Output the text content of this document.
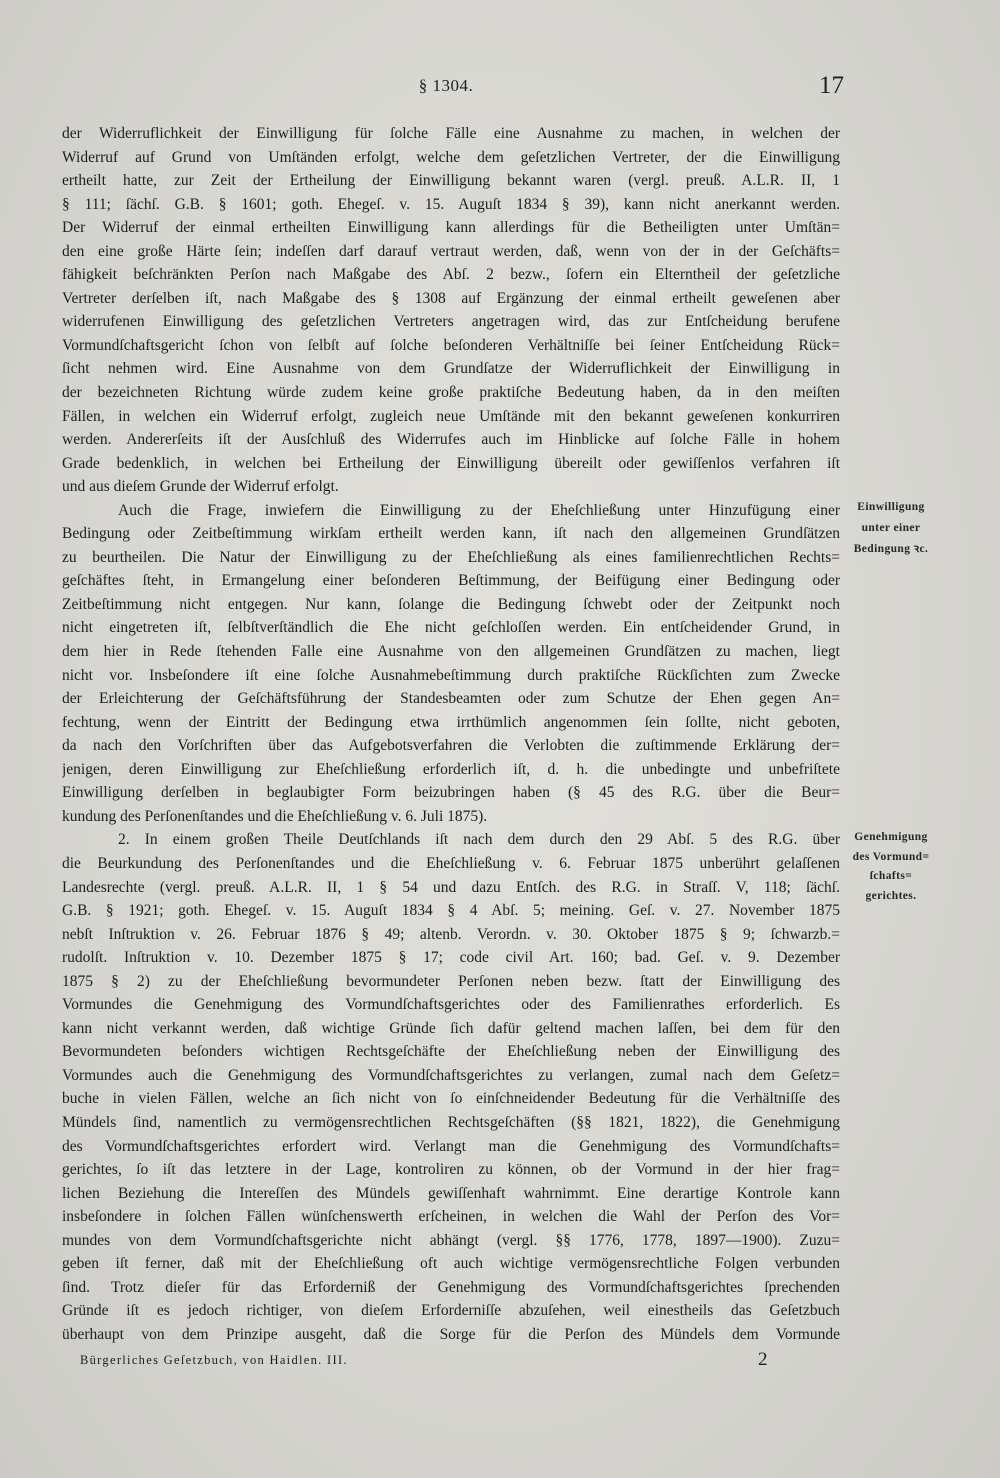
§ 1304.	17
der Widerruflichkeit der Einwilligung für ſolche Fälle eine Ausnahme zu machen, in welchen der
Widerruf auf Grund von Umſtänden erfolgt, welche dem geſetzlichen Vertreter, der die Einwilligung
ertheilt hatte, zur Zeit der Ertheilung der Einwilligung bekannt waren (vergl. preuß. A.L.R. II, 1
§ 111; ſächſ. G.B. § 1601; goth. Ehegeſ. v. 15. Auguſt 1834 § 39), kann nicht anerkannt werden.
Der Widerruf der einmal ertheilten Einwilligung kann allerdings für die Betheiligten unter Umſtän=
den eine große Härte ſein; indeſſen darf darauf vertraut werden, daß, wenn von der in der Geſchäfts=
fähigkeit beſchränkten Perſon nach Maßgabe des Abſ. 2 bezw., ſofern ein Elterntheil der geſetzliche
Vertreter derſelben iſt, nach Maßgabe des § 1308 auf Ergänzung der einmal ertheilt geweſenen aber
widerrufenen Einwilligung des geſetzlichen Vertreters angetragen wird, das zur Entſcheidung berufene
Vormundſchaftsgericht ſchon von ſelbſt auf ſolche beſonderen Verhältniſſe bei ſeiner Entſcheidung Rück=
ſicht nehmen wird. Eine Ausnahme von dem Grundſatze der Widerruflichkeit der Einwilligung in
der bezeichneten Richtung würde zudem keine große praktiſche Bedeutung haben, da in den meiſten
Fällen, in welchen ein Widerruf erfolgt, zugleich neue Umſtände mit den bekannt geweſenen konkurriren
werden. Andererſeits iſt der Ausſchluß des Widerrufes auch im Hinblicke auf ſolche Fälle in hohem
Grade bedenklich, in welchen bei Ertheilung der Einwilligung übereilt oder gewiſſenlos verfahren iſt
und aus dieſem Grunde der Widerruf erfolgt.
Auch die Frage, inwiefern die Einwilligung zu der Eheſchließung unter Hinzufügung einer
Bedingung oder Zeitbeſtimmung wirkſam ertheilt werden kann, iſt nach den allgemeinen Grundſätzen
zu beurtheilen. Die Natur der Einwilligung zu der Eheſchließung als eines familienrechtlichen Rechts=
geſchäftes ſteht, in Ermangelung einer beſonderen Beſtimmung, der Beifügung einer Bedingung oder
Zeitbeſtimmung nicht entgegen. Nur kann, ſolange die Bedingung ſchwebt oder der Zeitpunkt noch
nicht eingetreten iſt, ſelbſtverſtändlich die Ehe nicht geſchloſſen werden. Ein entſcheidender Grund, in
dem hier in Rede ſtehenden Falle eine Ausnahme von den allgemeinen Grundſätzen zu machen, liegt
nicht vor. Insbeſondere iſt eine ſolche Ausnahmebeſtimmung durch praktiſche Rückſichten zum Zwecke
der Erleichterung der Geſchäftsführung der Standesbeamten oder zum Schutze der Ehen gegen An=
fechtung, wenn der Eintritt der Bedingung etwa irrthümlich angenommen ſein ſollte, nicht geboten,
da nach den Vorſchriften über das Aufgebotsverfahren die Verlobten die zuſtimmende Erklärung der=
jenigen, deren Einwilligung zur Eheſchließung erforderlich iſt, d. h. die unbedingte und unbefriſtete
Einwilligung derſelben in beglaubigter Form beizubringen haben (§ 45 des R.G. über die Beur=
kundung des Perſonenſtandes und die Eheſchließung v. 6. Juli 1875).
2. In einem großen Theile Deutſchlands iſt nach dem durch den 29 Abſ. 5 des R.G. über
die Beurkundung des Perſonenſtandes und die Eheſchließung v. 6. Februar 1875 unberührt gelaſſenen
Landesrechte (vergl. preuß. A.L.R. II, 1 § 54 und dazu Entſch. des R.G. in Straſſ. V, 118; ſächſ.
G.B. § 1921; goth. Ehegeſ. v. 15. Auguſt 1834 § 4 Abſ. 5; meining. Geſ. v. 27. November 1875
nebſt Inſtruktion v. 26. Februar 1876 § 49; altenb. Verordn. v. 30. Oktober 1875 § 9; ſchwarzb.=
rudolſt. Inſtruktion v. 10. Dezember 1875 § 17; code civil Art. 160; bad. Geſ. v. 9. Dezember
1875 § 2) zu der Eheſchließung bevormundeter Perſonen neben bezw. ſtatt der Einwilligung des
Vormundes die Genehmigung des Vormundſchaftsgerichtes oder des Familienrathes erforderlich. Es
kann nicht verkannt werden, daß wichtige Gründe ſich dafür geltend machen laſſen, bei dem für den
Bevormundeten beſonders wichtigen Rechtsgeſchäfte der Eheſchließung neben der Einwilligung des
Vormundes auch die Genehmigung des Vormundſchaftsgerichtes zu verlangen, zumal nach dem Geſetz=
buche in vielen Fällen, welche an ſich nicht von ſo einſchneidender Bedeutung für die Verhältniſſe des
Mündels ſind, namentlich zu vermögensrechtlichen Rechtsgeſchäften (§§ 1821, 1822), die Genehmigung
des Vormundſchaftsgerichtes erfordert wird. Verlangt man die Genehmigung des Vormundſchafts=
gerichtes, ſo iſt das letztere in der Lage, kontroliren zu können, ob der Vormund in der hier frag=
lichen Beziehung die Intereſſen des Mündels gewiſſenhaft wahrnimmt. Eine derartige Kontrole kann
insbeſondere in ſolchen Fällen wünſchenswerth erſcheinen, in welchen die Wahl der Perſon des Vor=
mundes von dem Vormundſchaftsgerichte nicht abhängt (vergl. §§ 1776, 1778, 1897—1900). Zuzu=
geben iſt ferner, daß mit der Eheſchließung oft auch wichtige vermögensrechtliche Folgen verbunden
ſind. Trotz dieſer für das Erforderniß der Genehmigung des Vormundſchaftsgerichtes ſprechenden
Gründe iſt es jedoch richtiger, von dieſem Erforderniſſe abzuſehen, weil einestheils das Geſetzbuch
überhaupt von dem Prinzipe ausgeht, daß die Sorge für die Perſon des Mündels dem Vormunde
Einwilligung
unter einer
Bedingung ꝛc.
Genehmigung
des Vormund=
ſchafts=
gerichtes.
Bürgerliches Geſetzbuch, von Haidlen. III.	2
